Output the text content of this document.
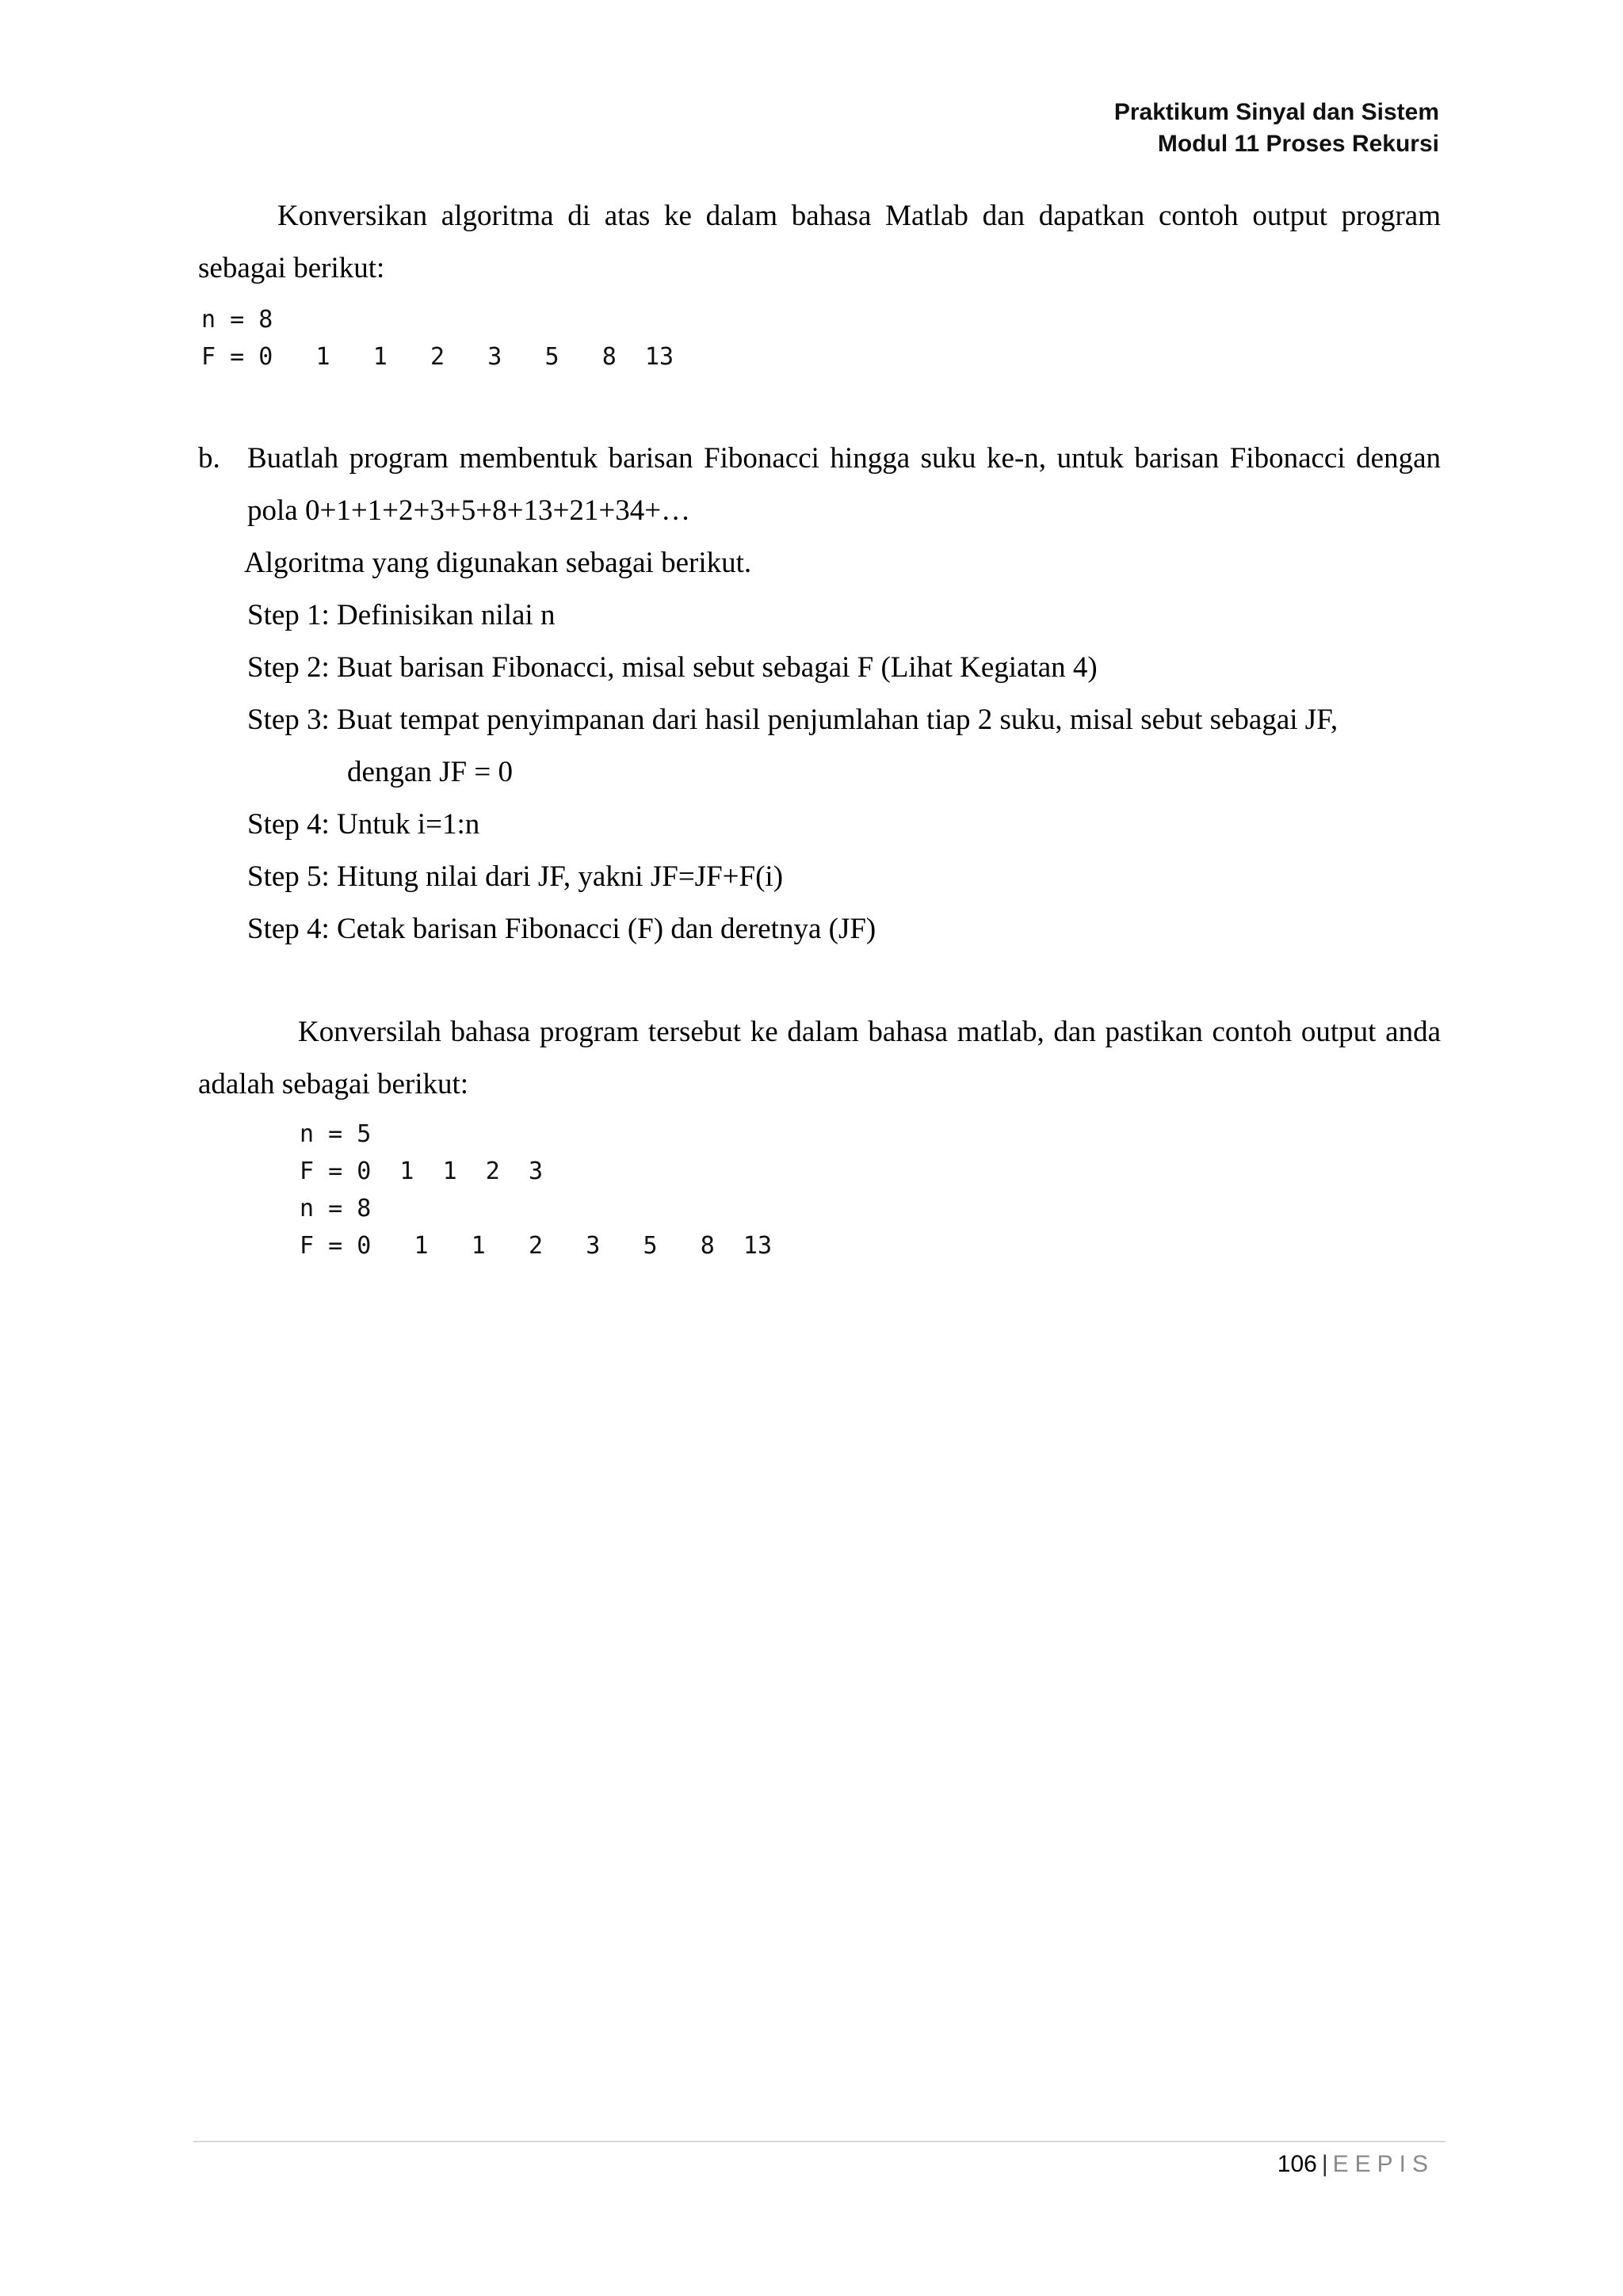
Praktikum Sinyal dan Sistem
Modul 11 Proses Rekursi

Konversikan algoritma di atas ke dalam bahasa Matlab dan dapatkan contoh output program sebagai berikut:

n = 8
F = 0   1   1   2   3   5   8  13
b. Buatlah program membentuk barisan Fibonacci hingga suku ke-n, untuk barisan Fibonacci dengan pola 0+1+1+2+3+5+8+13+21+34+…

Algoritma yang digunakan sebagai berikut.

Step 1: Definisikan nilai n

Step 2: Buat barisan Fibonacci, misal sebut sebagai F (Lihat Kegiatan 4)

Step 3: Buat tempat penyimpanan dari hasil penjumlahan tiap 2 suku, misal sebut sebagai JF,

dengan JF = 0

Step 4: Untuk i=1:n

Step 5: Hitung nilai dari JF, yakni JF=JF+F(i)

Step 4: Cetak barisan Fibonacci (F) dan deretnya (JF)

Konversilah bahasa program tersebut ke dalam bahasa matlab, dan pastikan contoh output anda adalah sebagai berikut:

n = 5
F = 0  1  1  2  3
n = 8
F = 0   1   1   2   3   5   8  13
106 | EEPIS
